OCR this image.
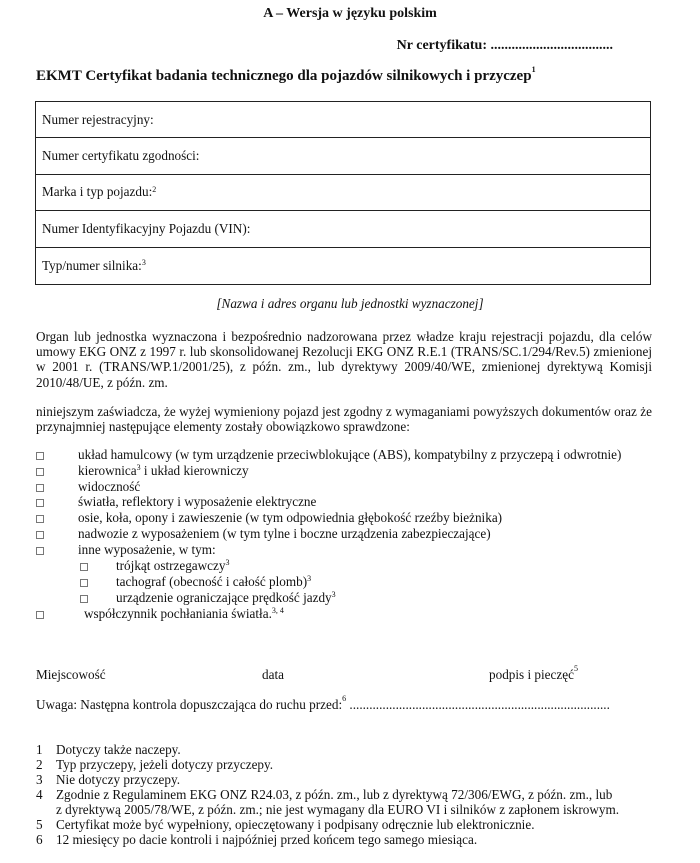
A – Wersja w języku polskim
Nr certyfikatu: ...................................
EKMT Certyfikat badania technicznego dla pojazdów silnikowych i przyczep$^1$
Numer rejestracyjny:
Numer certyfikatu zgodności:
Marka i typ pojazdu:$^2$
Numer Identyfikacyjny Pojazdu (VIN):
Typ/numer silnika:$^3$
[Nazwa i adres organu lub jednostki wyznaczonej]
Organ lub jednostka wyznaczona i bezpośrednio nadzorowana przez władze kraju rejestracji pojazdu, dla celów umowy EKG ONZ z 1997 r. lub skonsolidowanej Rezolucji EKG ONZ R.E.1 (TRANS/SC.1/294/Rev.5) zmienionej w 2001 r. (TRANS/WP.1/2001/25), z późn. zm., lub dyrektywy 2009/40/WE, zmienionej dyrektywą Komisji 2010/48/UE, z późn. zm.
niniejszym zaświadcza, że wyżej wymieniony pojazd jest zgodny z wymaganiami powyższych dokumentów oraz że przynajmniej następujące elementy zostały obowiązkowo sprawdzone:
układ hamulcowy (w tym urządzenie przeciwblokujące (ABS), kompatybilny z przyczepą i odwrotnie)
kierownica$^3$ i układ kierowniczy
widoczność
światła, reflektory i wyposażenie elektryczne
osie, koła, opony i zawieszenie (w tym odpowiednia głębokość rzeźby bieżnika)
nadwozie z wyposażeniem (w tym tylne i boczne urządzenia zabezpieczające)
inne wyposażenie, w tym:
trójkąt ostrzegawczy$^3$
tachograf (obecność i całość plomb)$^3$
urządzenie ograniczające prędkość jazdy$^3$
współczynnik pochłaniania światła.$^{3, 4}$
Miejscowość	data	podpis i pieczęć$^5$
Uwaga: Następna kontrola dopuszczająca do ruchu przed:$^6$ ...............................................................................
1 Dotyczy także naczepy.
2 Typ przyczepy, jeżeli dotyczy przyczepy.
3 Nie dotyczy przyczepy.
4 Zgodnie z Regulaminem EKG ONZ R24.03, z późn. zm., lub z dyrektywą 72/306/EWG, z późn. zm., lub
z dyrektywą 2005/78/WE, z późn. zm.; nie jest wymagany dla EURO VI i silników z zapłonem iskrowym.
5 Certyfikat może być wypełniony, opieczętowany i podpisany odręcznie lub elektronicznie.
6 12 miesięcy po dacie kontroli i najpóźniej przed końcem tego samego miesiąca.
